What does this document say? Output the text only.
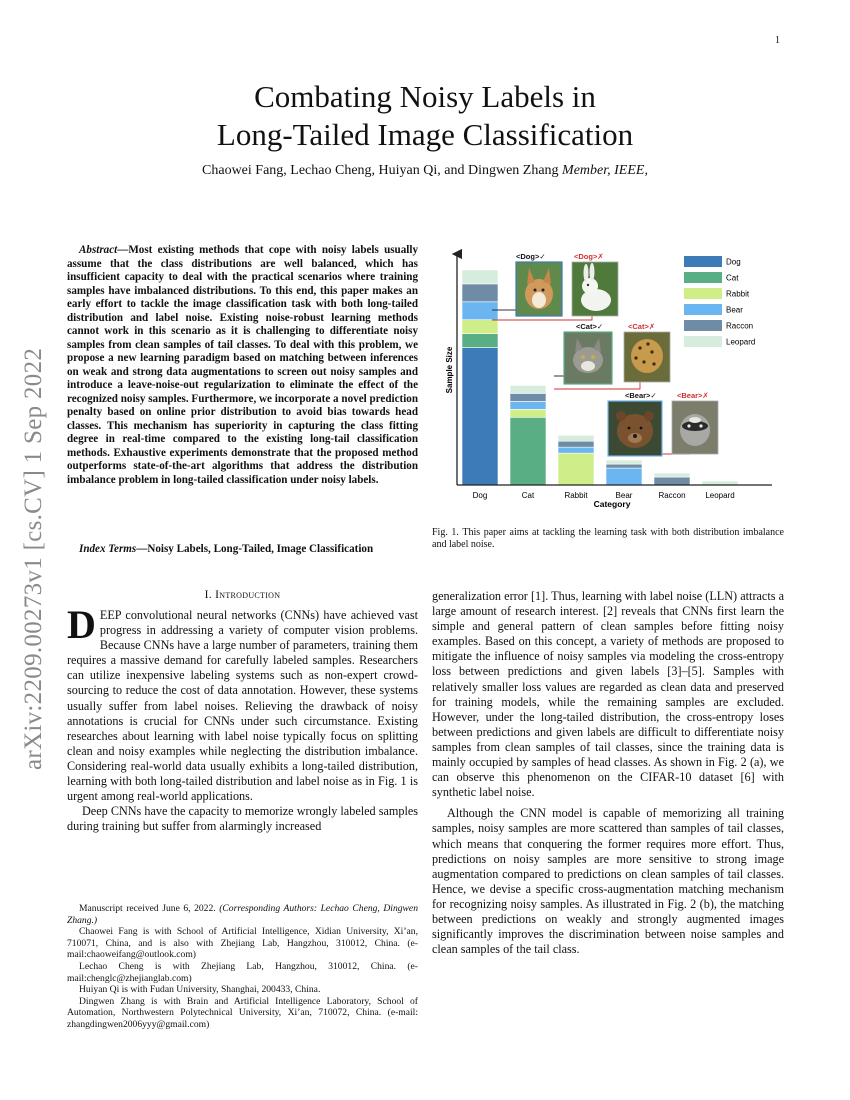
1
arXiv:2209.00273v1 [cs.CV] 1 Sep 2022
Combating Noisy Labels in
Long-Tailed Image Classification
Chaowei Fang, Lechao Cheng, Huiyan Qi, and Dingwen Zhang Member, IEEE,
Abstract—Most existing methods that cope with noisy labels usually assume that the class distributions are well balanced, which has insufficient capacity to deal with the practical scenarios where training samples have imbalanced distributions. To this end, this paper makes an early effort to tackle the image classification task with both long-tailed distribution and label noise. Existing noise-robust learning methods cannot work in this scenario as it is challenging to differentiate noisy samples from clean samples of tail classes. To deal with this problem, we propose a new learning paradigm based on matching between inferences on weak and strong data augmentations to screen out noisy samples and introduce a leave-noise-out regularization to eliminate the effect of the recognized noisy samples. Furthermore, we incorporate a novel prediction penalty based on online prior distribution to avoid bias towards head classes. This mechanism has superiority in capturing the class fitting degree in real-time compared to the existing long-tail classification methods. Exhaustive experiments demonstrate that the proposed method outperforms state-of-the-art algorithms that address the distribution imbalance problem in long-tailed classification under noisy labels.
Index Terms—Noisy Labels, Long-Tailed, Image Classification
Sample Size
Category
Dog	Cat	Rabbit	Bear	Raccon Leopard
<Dog>✓	<Dog>✗
<Cat>✓	<Cat>✗
<Bear>✓	<Bear>✗
Dog
Cat
Rabbit
Bear
Raccon
Leopard
Fig. 1. This paper aims at tackling the learning task with both distribution imbalance and label noise.
I. Introduction

DEEP convolutional neural networks (CNNs) have achieved vast progress in addressing a variety of computer vision problems. Because CNNs have a large number of parameters, training them requires a massive demand for carefully labeled samples. Researchers can utilize inexpensive labeling systems such as non-expert crowd-sourcing to reduce the cost of data annotation. However, these systems usually suffer from label noises. Relieving the drawback of noisy annotations is crucial for CNNs under such circumstance. Existing researches about learning with label noise typically focus on splitting clean and noisy examples while neglecting the distribution imbalance. Considering real-world data usually exhibits a long-tailed distribution, learning with both long-tailed distribution and label noise as in Fig. 1 is urgent among real-world applications.

Deep CNNs have the capacity to memorize wrongly labeled samples during training but suffer from alarmingly increased

generalization error [1]. Thus, learning with label noise (LLN) attracts a large amount of research interest. [2] reveals that CNNs first learn the simple and general pattern of clean samples before fitting noisy examples. Based on this concept, a variety of methods are proposed to mitigate the influence of noisy samples via modeling the cross-entropy loss between predictions and given labels [3]–[5]. Samples with relatively smaller loss values are regarded as clean data and preserved for training models, while the remaining samples are excluded. However, under the long-tailed distribution, the cross-entropy loses between predictions and given labels are difficult to differentiate noisy samples from clean samples of tail classes, since the training data is mainly occupied by samples of head classes. As shown in Fig. 2 (a), we can observe this phenomenon on the CIFAR-10 dataset [6] with synthetic label noise.

Although the CNN model is capable of memorizing all training samples, noisy samples are more scattered than samples of tail classes, which means that conquering the former requires more effort. Thus, predictions on noisy samples are more sensitive to strong image augmentation compared to predictions on clean samples of tail classes. Hence, we devise a specific cross-augmentation matching mechanism for recognizing noisy samples. As illustrated in Fig. 2 (b), the matching between predictions on weakly and strongly augmented images significantly improves the discrimination between noise samples and clean samples of the tail class.

Manuscript received June 6, 2022. (Corresponding Authors: Lechao Cheng, Dingwen Zhang.)

Chaowei Fang is with School of Artificial Intelligence, Xidian University, Xi’an, 710071, China, and is also with Zhejiang Lab, Hangzhou, 310012, China. (e-mail:chaoweifang@outlook.com)

Lechao Cheng is with Zhejiang Lab, Hangzhou, 310012, China. (e-mail:chenglc@zhejianglab.com)

Huiyan Qi is with Fudan University, Shanghai, 200433, China.

Dingwen Zhang is with Brain and Artificial Intelligence Laboratory, School of Automation, Northwestern Polytechnical University, Xi’an, 710072, China. (e-mail: zhangdingwen2006yyy@gmail.com)
